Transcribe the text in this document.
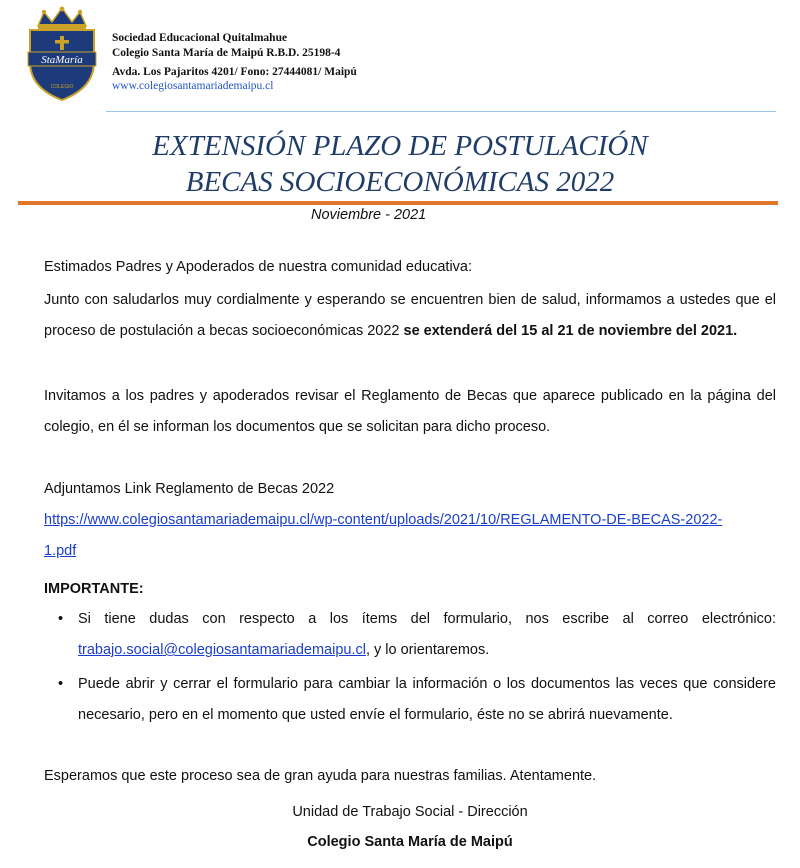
StaMaría
COLEGIO
Sociedad Educacional Quitalmahue
Colegio Santa María de Maipú R.B.D. 25198-4
Avda. Los Pajaritos 4201/ Fono: 27444081/ Maipú
www.colegiosantamariademaipu.cl
EXTENSIÓN PLAZO DE POSTULACIÓN
BECAS SOCIOECONÓMICAS 2022
Noviembre - 2021
Estimados Padres y Apoderados de nuestra comunidad educativa:
Junto con saludarlos muy cordialmente y esperando se encuentren bien de salud, informamos a ustedes que el proceso de postulación a becas socioeconómicas 2022 se extenderá del 15 al 21 de noviembre del 2021.
Invitamos a los padres y apoderados revisar el Reglamento de Becas que aparece publicado en la página del colegio, en él se informan los documentos que se solicitan para dicho proceso.
Adjuntamos Link Reglamento de Becas 2022
https://www.colegiosantamariademaipu.cl/wp-content/uploads/2021/10/REGLAMENTO-DE-BECAS-2022-
1.pdf
IMPORTANTE:
• Si tiene dudas con respecto a los ítems del formulario, nos escribe al correo electrónico: trabajo.social@colegiosantamariademaipu.cl, y lo orientaremos.
• Puede abrir y cerrar el formulario para cambiar la información o los documentos las veces que considere necesario, pero en el momento que usted envíe el formulario, éste no se abrirá nuevamente.
Esperamos que este proceso sea de gran ayuda para nuestras familias. Atentamente.
Unidad de Trabajo Social - Dirección
Colegio Santa María de Maipú
